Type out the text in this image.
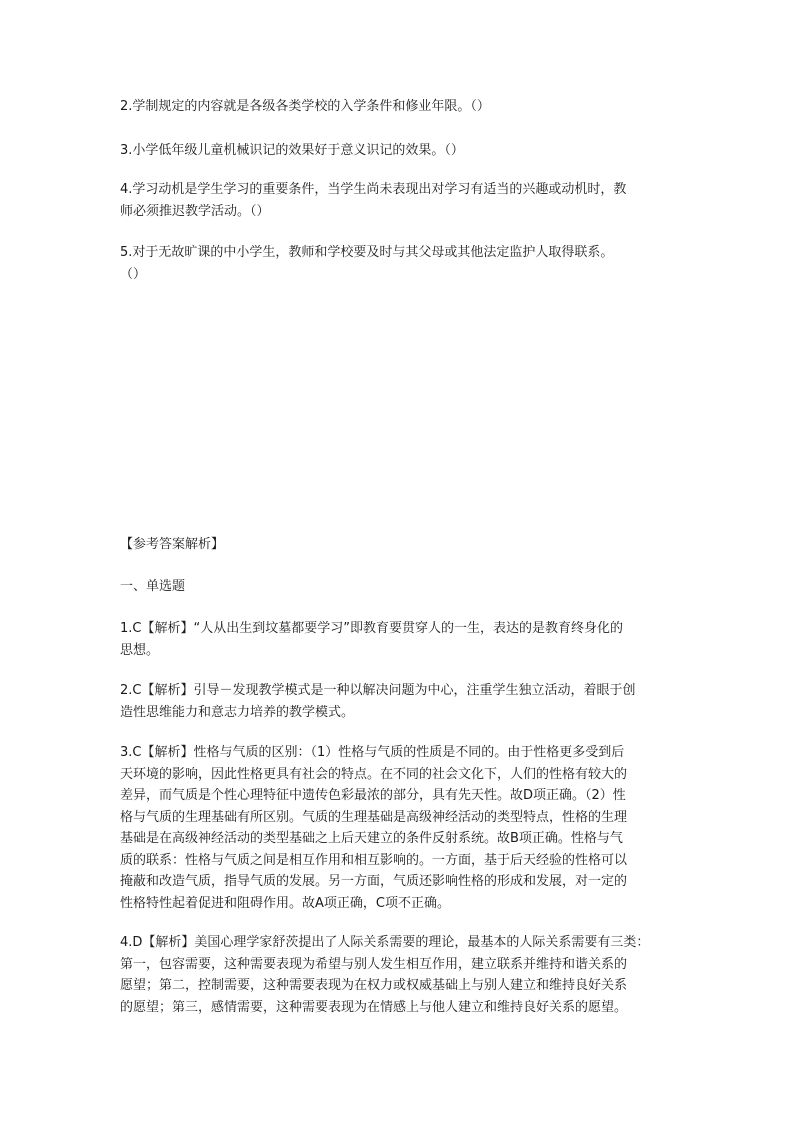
2.学制规定的内容就是各级各类学校的入学条件和修业年限。（）

3.小学低年级儿童机械识记的效果好于意义识记的效果。（）

4.学习动机是学生学习的重要条件，当学生尚未表现出对学习有适当的兴趣或动机时，教
师必须推迟教学活动。（）

5.对于无故旷课的中小学生，教师和学校要及时与其父母或其他法定监护人取得联系。
（）

【参考答案解析】

一、单选题

1.C【解析】“人从出生到坟墓都要学习”即教育要贯穿人的一生，表达的是教育终身化的
思想。

2.C【解析】引导－发现教学模式是一种以解决问题为中心，注重学生独立活动，着眼于创
造性思维能力和意志力培养的教学模式。

3.C【解析】性格与气质的区别：（1）性格与气质的性质是不同的。由于性格更多受到后
天环境的影响，因此性格更具有社会的特点。在不同的社会文化下，人们的性格有较大的
差异，而气质是个性心理特征中遗传色彩最浓的部分，具有先天性。故D项正确。（2）性
格与气质的生理基础有所区别。气质的生理基础是高级神经活动的类型特点，性格的生理
基础是在高级神经活动的类型基础之上后天建立的条件反射系统。故B项正确。性格与气
质的联系：性格与气质之间是相互作用和相互影响的。一方面，基于后天经验的性格可以
掩蔽和改造气质，指导气质的发展。另一方面，气质还影响性格的形成和发展，对一定的
性格特性起着促进和阻碍作用。故A项正确，C项不正确。

4.D【解析】美国心理学家舒茨提出了人际关系需要的理论，最基本的人际关系需要有三类：
第一，包容需要，这种需要表现为希望与别人发生相互作用，建立联系并维持和谐关系的
愿望；第二，控制需要，这种需要表现为在权力或权威基础上与别人建立和维持良好关系
的愿望；第三，感情需要，这种需要表现为在情感上与他人建立和维持良好关系的愿望。
